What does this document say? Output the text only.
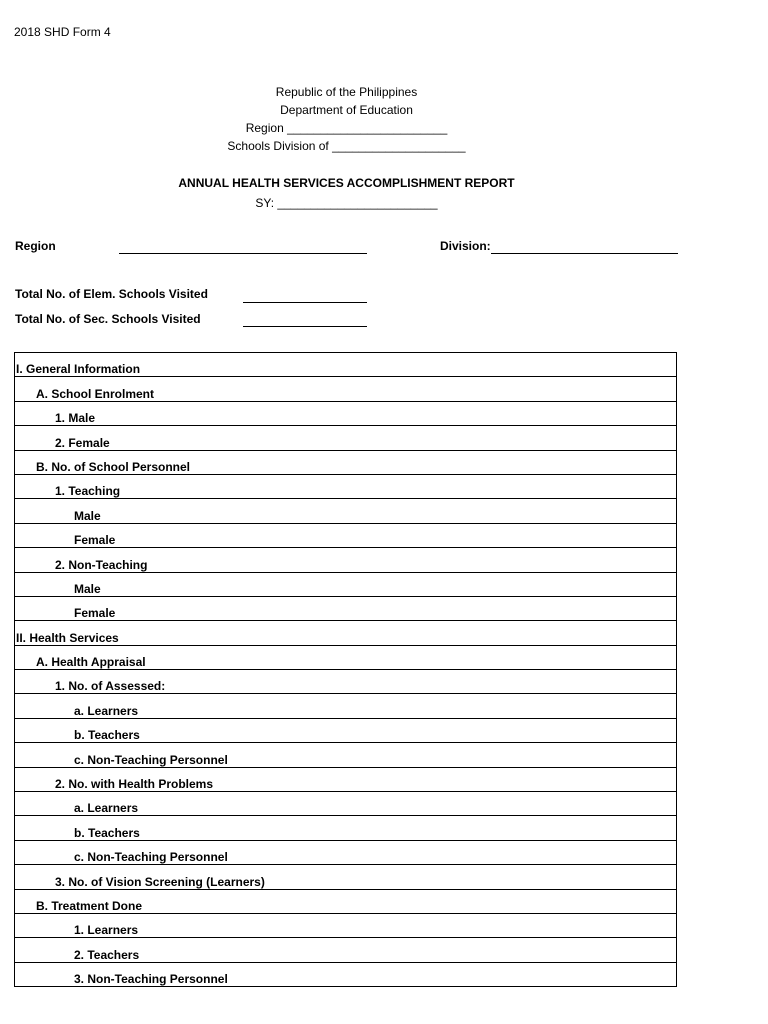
2018 SHD Form 4
Republic of the Philippines
Department of Education
Region ________________________
Schools Division of ____________________
ANNUAL HEALTH SERVICES ACCOMPLISHMENT REPORT
SY: ________________________
Region	Division:
Total No. of Elem. Schools Visited
Total No. of Sec. Schools Visited
I. General Information
A. School Enrolment
1. Male
2. Female
B. No. of School Personnel
1. Teaching
Male
Female
2. Non-Teaching
Male
Female
II. Health Services
A. Health Appraisal
1. No. of Assessed:
a. Learners
b. Teachers
c. Non-Teaching Personnel
2. No. with Health Problems
a. Learners
b. Teachers
c. Non-Teaching Personnel
3. No. of Vision Screening (Learners)
B. Treatment Done
1. Learners
2. Teachers
3. Non-Teaching Personnel
